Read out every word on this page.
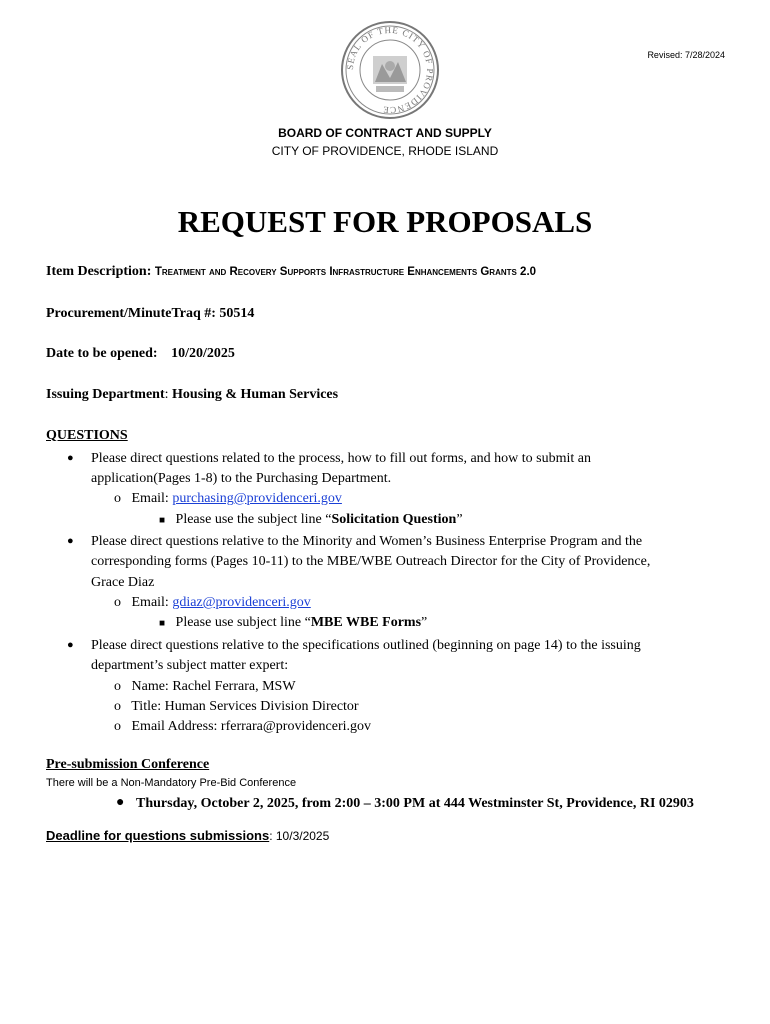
SEAL OF THE CITY OF PROVIDENCE
Revised: 7/28/2024
BOARD OF CONTRACT AND SUPPLY
CITY OF PROVIDENCE, RHODE ISLAND
REQUEST FOR PROPOSALS
Item Description: Treatment and Recovery Supports Infrastructure Enhancements Grants 2.0
Procurement/MinuteTraq #: 50514
Date to be opened: 10/20/2025
Issuing Department: Housing & Human Services
QUESTIONS
● Please direct questions related to the process, how to fill out forms, and how to submit an
application(Pages 1-8) to the Purchasing Department.
o Email: purchasing@providenceri.gov
■ Please use the subject line “Solicitation Question”
● Please direct questions relative to the Minority and Women’s Business Enterprise Program and the
corresponding forms (Pages 10-11) to the MBE/WBE Outreach Director for the City of Providence,
Grace Diaz
o Email: gdiaz@providenceri.gov
■ Please use subject line “MBE WBE Forms”
● Please direct questions relative to the specifications outlined (beginning on page 14) to the issuing
department’s subject matter expert:
o Name: Rachel Ferrara, MSW
o Title: Human Services Division Director
o Email Address: rferrara@providenceri.gov
Pre-submission Conference
There will be a Non-Mandatory Pre-Bid Conference
● Thursday, October 2, 2025, from 2:00 – 3:00 PM at 444 Westminster St, Providence, RI 02903
Deadline for questions submissions: 10/3/2025
